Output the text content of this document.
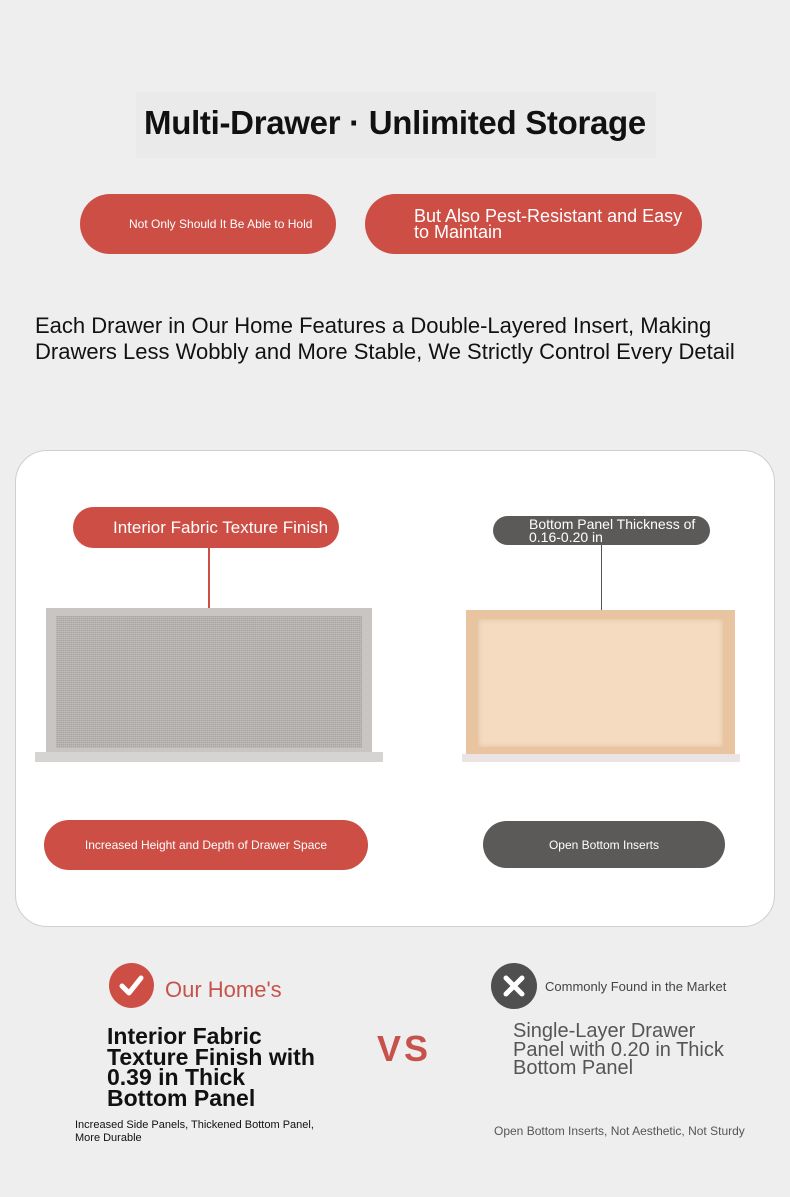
Multi-Drawer · Unlimited Storage
Not Only Should It Be Able to Hold	But Also Pest-Resistant and Easy to Maintain
Each Drawer in Our Home Features a Double-Layered Insert, Making Drawers Less Wobbly and More Stable, We Strictly Control Every Detail
Interior Fabric Texture Finish	Bottom Panel Thickness of 0.16-0.20 in
Increased Height and Depth of Drawer Space	Open Bottom Inserts
Our Home's	Commonly Found in the Market
VS
Interior Fabric Texture Finish with 0.39 in Thick Bottom Panel
Increased Side Panels, Thickened Bottom Panel, More Durable
Single-Layer Drawer Panel with 0.20 in Thick Bottom Panel
Open Bottom Inserts, Not Aesthetic, Not Sturdy
